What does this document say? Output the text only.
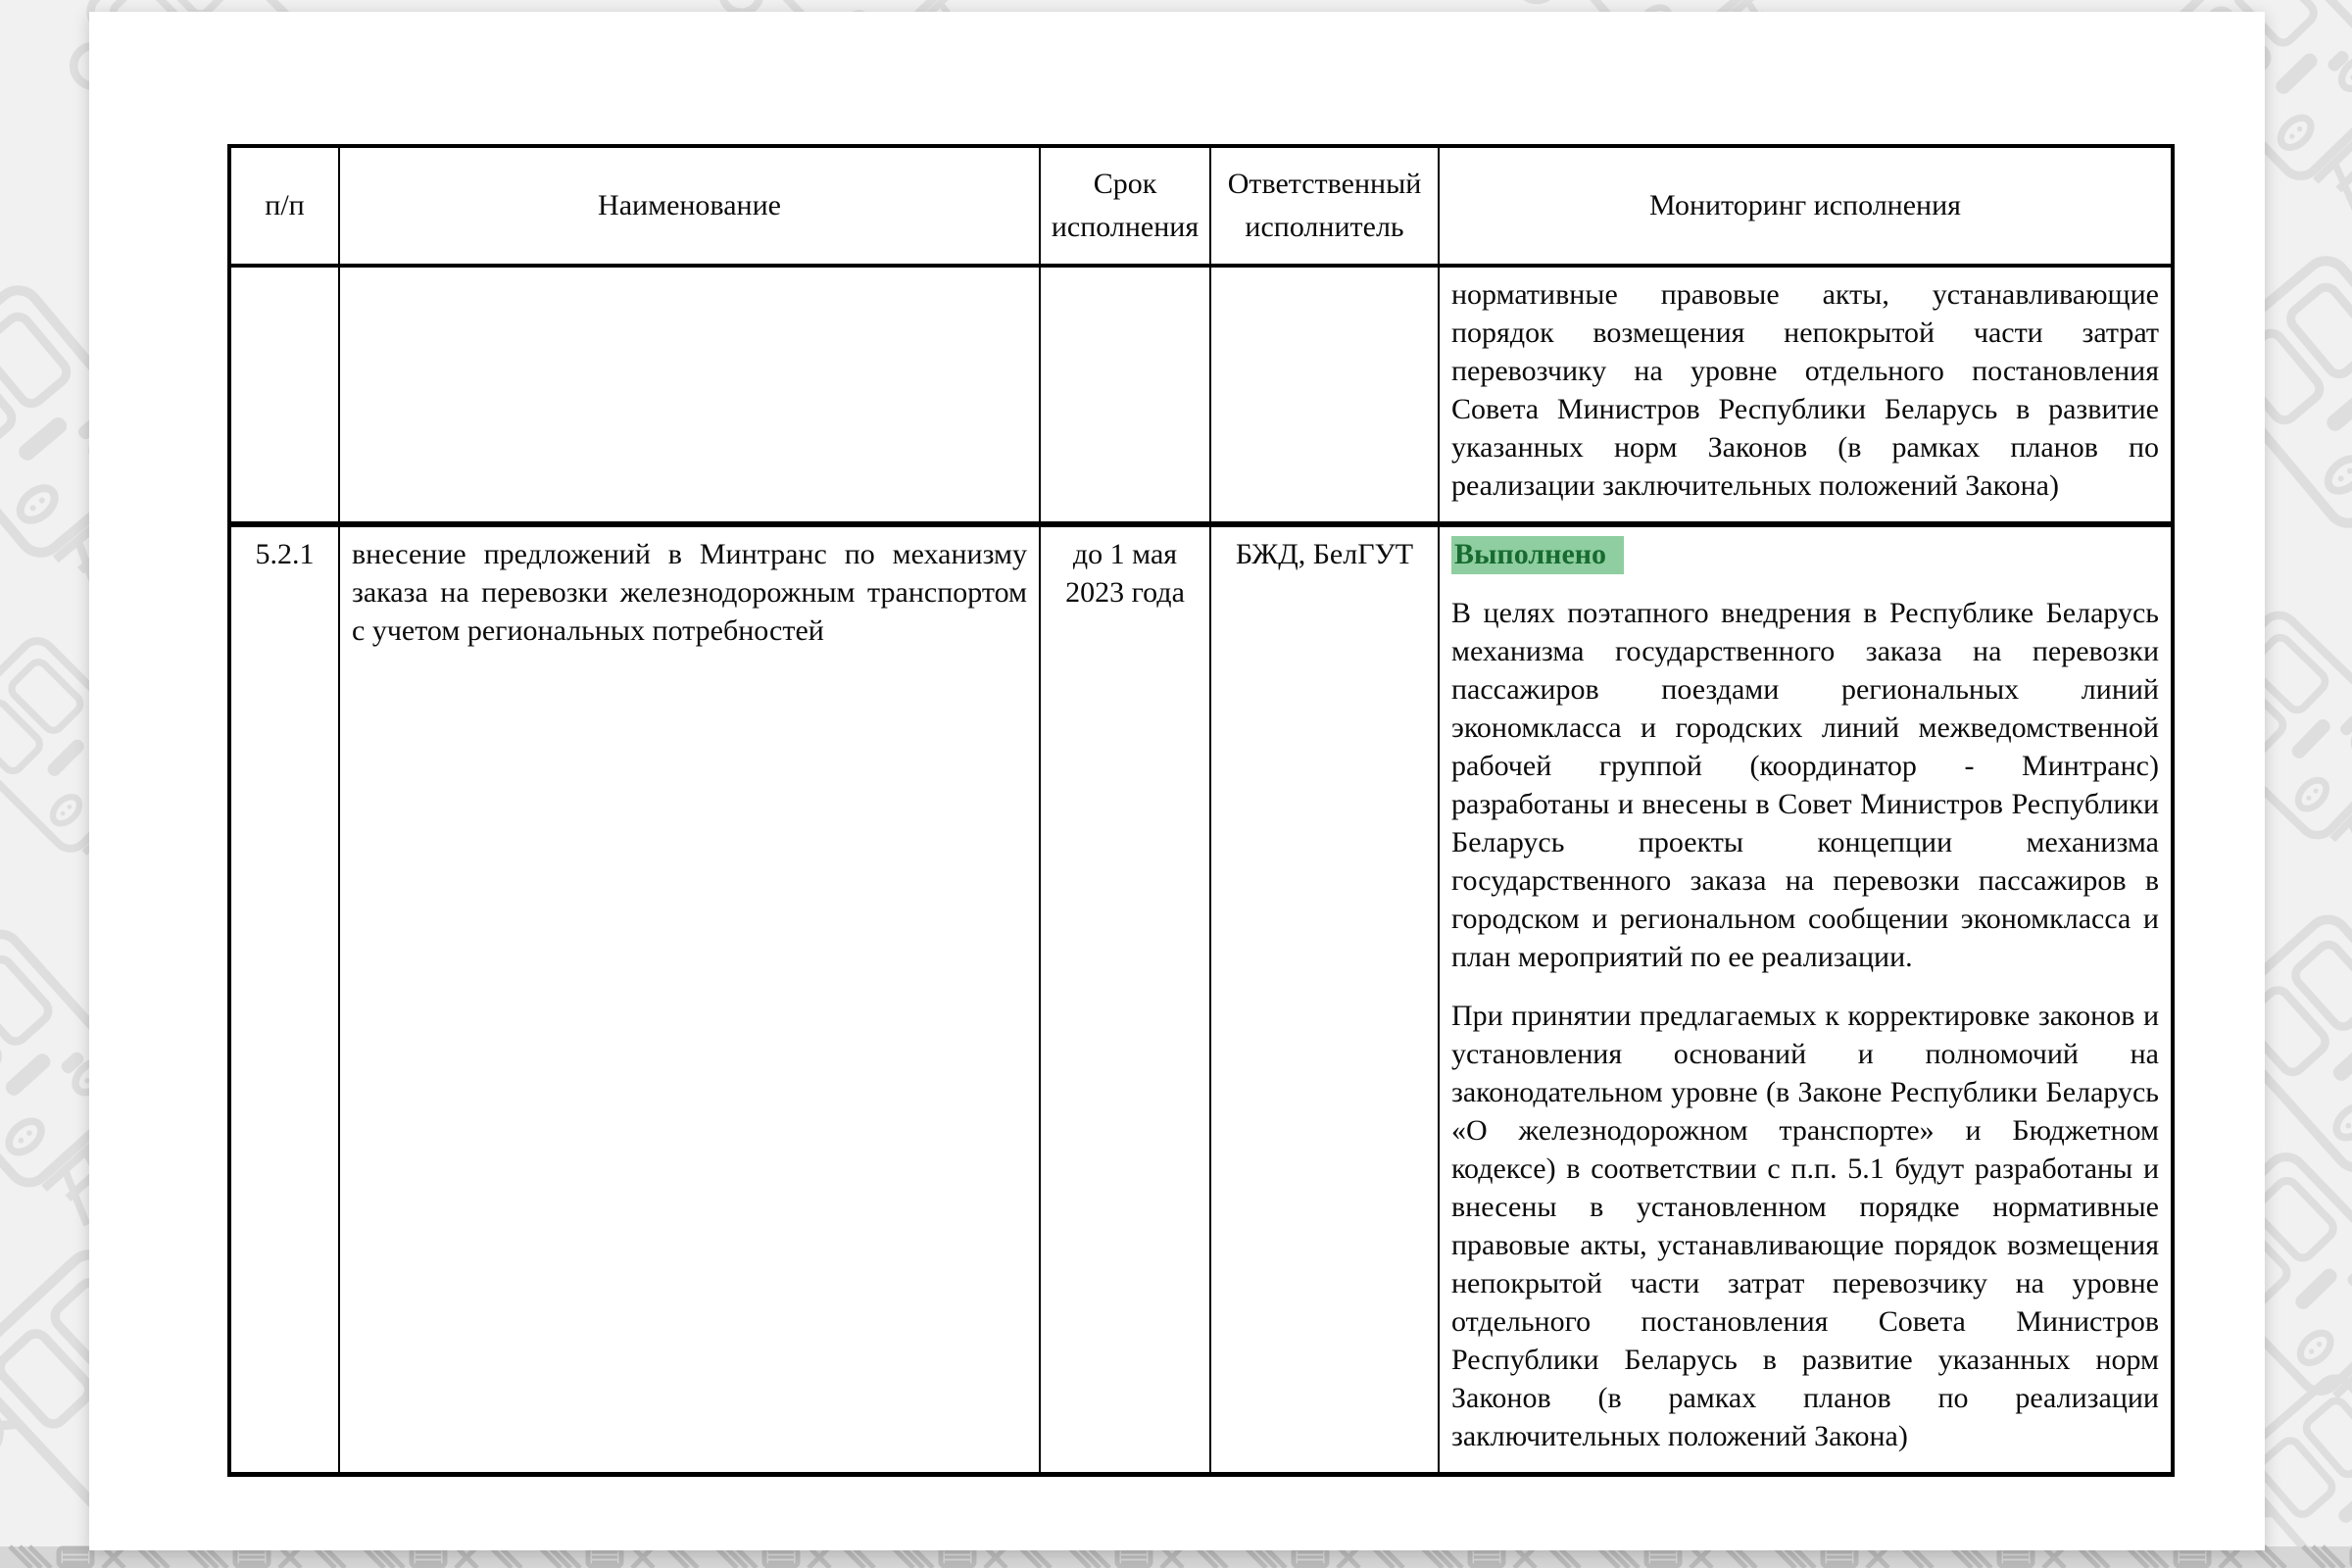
п/п	Наименование	Срок исполнения	Ответственный исполнитель	Мониторинг исполнения

				нормативные правовые акты, устанавливающие порядок возмещения непокрытой части затрат перевозчику на уровне отдельного постановления Совета Министров Республики Беларусь в развитие указанных норм Законов (в рамках планов по реализации заключительных положений Закона)

5.2.1	внесение предложений в Минтранс по механизму заказа на перевозки железнодорожным транспортом с учетом региональных потребностей	до 1 мая 2023 года	БЖД, БелГУТ	Выполнено

В целях поэтапного внедрения в Республике Беларусь механизма государственного заказа на перевозки пассажиров поездами региональных линий экономкласса и городских линий межведомственной рабочей группой (координатор - Минтранс) разработаны и внесены в Совет Министров Республики Беларусь проекты концепции механизма государственного заказа на перевозки пассажиров в городском и региональном сообщении экономкласса и план мероприятий по ее реализации.

При принятии предлагаемых к корректировке законов и установления оснований и полномочий на законодательном уровне (в Законе Республики Беларусь «О железнодорожном транспорте» и Бюджетном кодексе) в соответствии с п.п. 5.1 будут разработаны и внесены в установленном порядке нормативные правовые акты, устанавливающие порядок возмещения непокрытой части затрат перевозчику на уровне отдельного постановления Совета Министров Республики Беларусь в развитие указанных норм Законов (в рамках планов по реализации заключительных положений Закона)
